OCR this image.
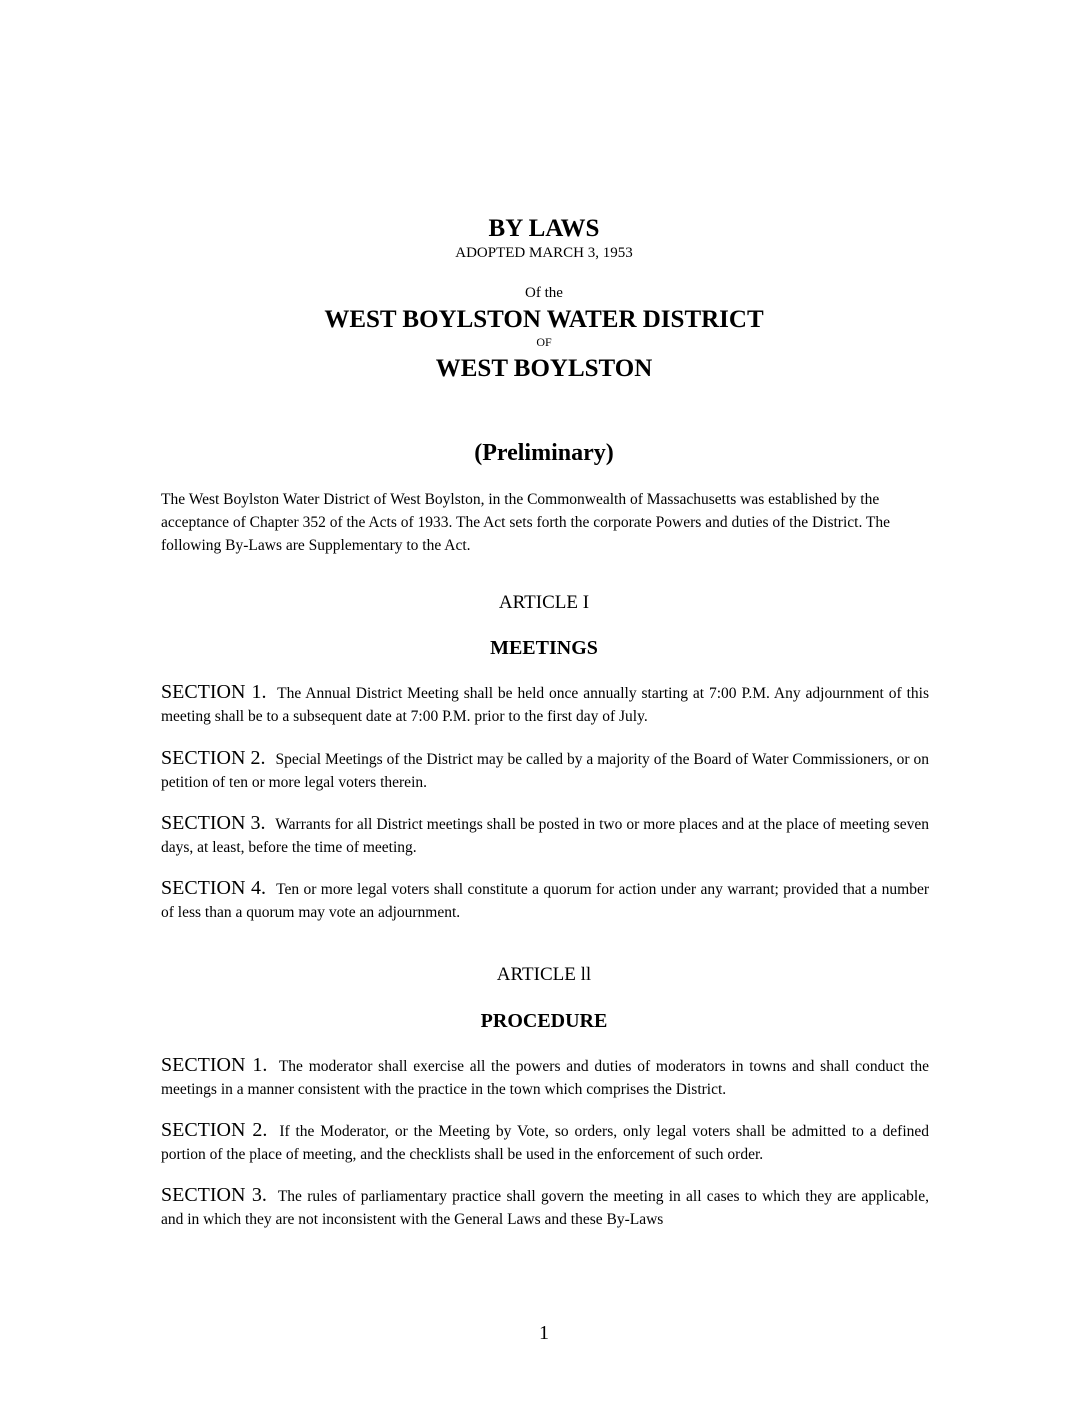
BY LAWS
ADOPTED MARCH 3, 1953
Of the
WEST BOYLSTON WATER DISTRICT
OF
WEST BOYLSTON
(Preliminary)
The West Boylston Water District of West Boylston, in the Commonwealth of Massachusetts was established by the acceptance of Chapter 352 of the Acts of 1933. The Act sets forth the corporate Powers and duties of the District. The following By-Laws are Supplementary to the Act.
ARTICLE I
MEETINGS
SECTION 1. The Annual District Meeting shall be held once annually starting at 7:00 P.M. Any adjournment of this meeting shall be to a subsequent date at 7:00 P.M. prior to the first day of July.
SECTION 2. Special Meetings of the District may be called by a majority of the Board of Water Commissioners, or on petition of ten or more legal voters therein.
SECTION 3. Warrants for all District meetings shall be posted in two or more places and at the place of meeting seven days, at least, before the time of meeting.
SECTION 4. Ten or more legal voters shall constitute a quorum for action under any warrant; provided that a number of less than a quorum may vote an adjournment.
ARTICLE ll
PROCEDURE
SECTION 1. The moderator shall exercise all the powers and duties of moderators in towns and shall conduct the meetings in a manner consistent with the practice in the town which comprises the District.
SECTION 2. If the Moderator, or the Meeting by Vote, so orders, only legal voters shall be admitted to a defined portion of the place of meeting, and the checklists shall be used in the enforcement of such order.
SECTION 3. The rules of parliamentary practice shall govern the meeting in all cases to which they are applicable, and in which they are not inconsistent with the General Laws and these By-Laws
1
